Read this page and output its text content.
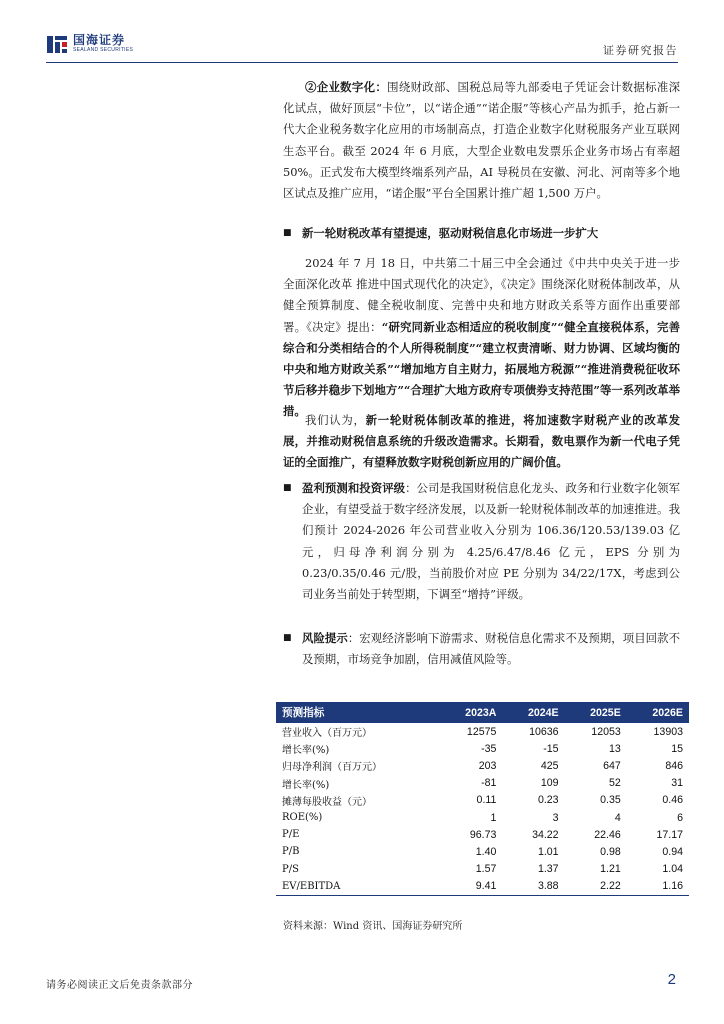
国海证券
SEALAND SECURITIES	证券研究报告

②企业数字化：围绕财政部、国税总局等九部委电子凭证会计数据标准深化试点，做好顶层“卡位”，以“诺企通”“诺企服”等核心产品为抓手，抢占新一代大企业税务数字化应用的市场制高点，打造企业数字化财税服务产业互联网生态平台。截至 2024 年 6 月底，大型企业数电发票乐企业务市场占有率超 50%。正式发布大模型终端系列产品，AI 导税员在安徽、河北、河南等多个地区试点及推广应用，“诺企服”平台全国累计推广超 1,500 万户。

■ 新一轮财税改革有望提速，驱动财税信息化市场进一步扩大

2024 年 7 月 18 日，中共第二十届三中全会通过《中共中央关于进一步全面深化改革 推进中国式现代化的决定》，《决定》围绕深化财税体制改革，从健全预算制度、健全税收制度、完善中央和地方财政关系等方面作出重要部署。《决定》提出：“研究同新业态相适应的税收制度”“健全直接税体系，完善综合和分类相结合的个人所得税制度”“建立权责清晰、财力协调、区域均衡的中央和地方财政关系”“增加地方自主财力，拓展地方税源”“推进消费税征收环节后移并稳步下划地方”“合理扩大地方政府专项债券支持范围”等一系列改革举措。

我们认为，新一轮财税体制改革的推进，将加速数字财税产业的改革发展，并推动财税信息系统的升级改造需求。长期看，数电票作为新一代电子凭证的全面推广，有望释放数字财税创新应用的广阔价值。

■ 盈利预测和投资评级：公司是我国财税信息化龙头、政务和行业数字化领军企业，有望受益于数字经济发展，以及新一轮财税体制改革的加速推进。我们预计 2024-2026 年公司营业收入分别为 106.36/120.53/139.03 亿元，归母净利润分别为 4.25/6.47/8.46 亿元，EPS 分别为 0.23/0.35/0.46 元/股，当前股价对应 PE 分别为 34/22/17X，考虑到公司业务当前处于转型期，下调至“增持”评级。
■ 风险提示：宏观经济影响下游需求、财税信息化需求不及预期，项目回款不及预期，市场竞争加剧，信用减值风险等。
预测指标	2023A	2024E	2025E	2026E
营业收入（百万元）	12575	10636	12053	13903
增长率(%)	-35	-15	13	15
归母净利润（百万元）	203	425	647	846
增长率(%)	-81	109	52	31
摊薄每股收益（元）	0.11	0.23	0.35	0.46
ROE(%)	1	3	4	6
P/E	96.73	34.22	22.46	17.17
P/B	1.40	1.01	0.98	0.94
P/S	1.57	1.37	1.21	1.04
EV/EBITDA	9.41	3.88	2.22	1.16
资料来源：Wind 资讯、国海证券研究所
请务必阅读正文后免责条款部分	2
